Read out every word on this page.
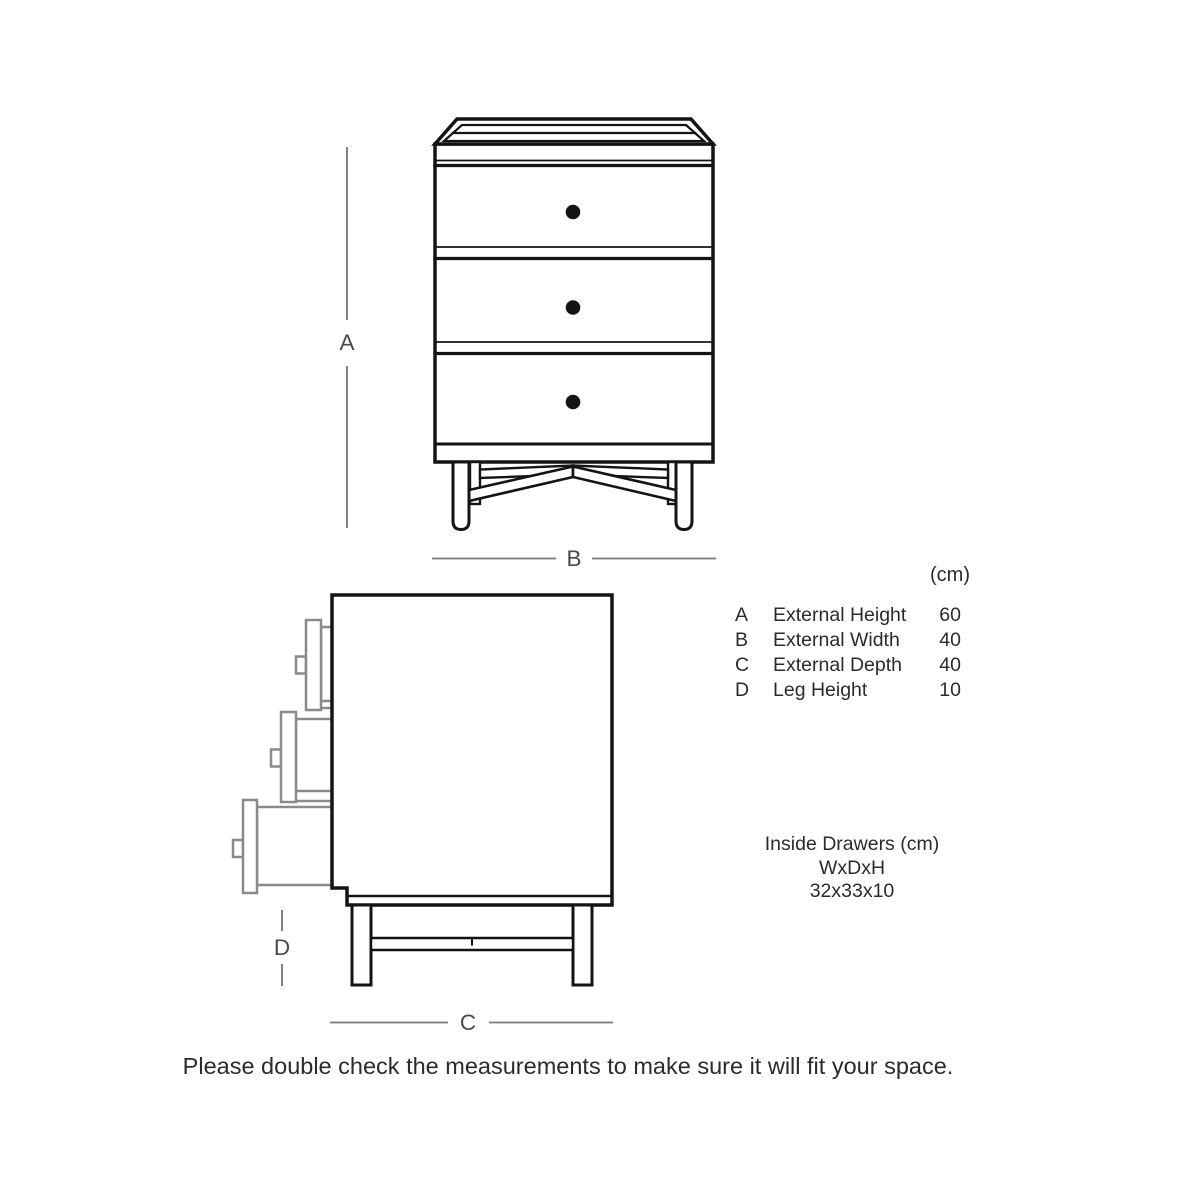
A
B
C
D
(cm)
A	External Height	60
B	External Width	40
C	External Depth	40
D	Leg Height	10
Inside Drawers (cm)
WxDxH
32x33x10
Please double check the measurements to make sure it will fit your space.
